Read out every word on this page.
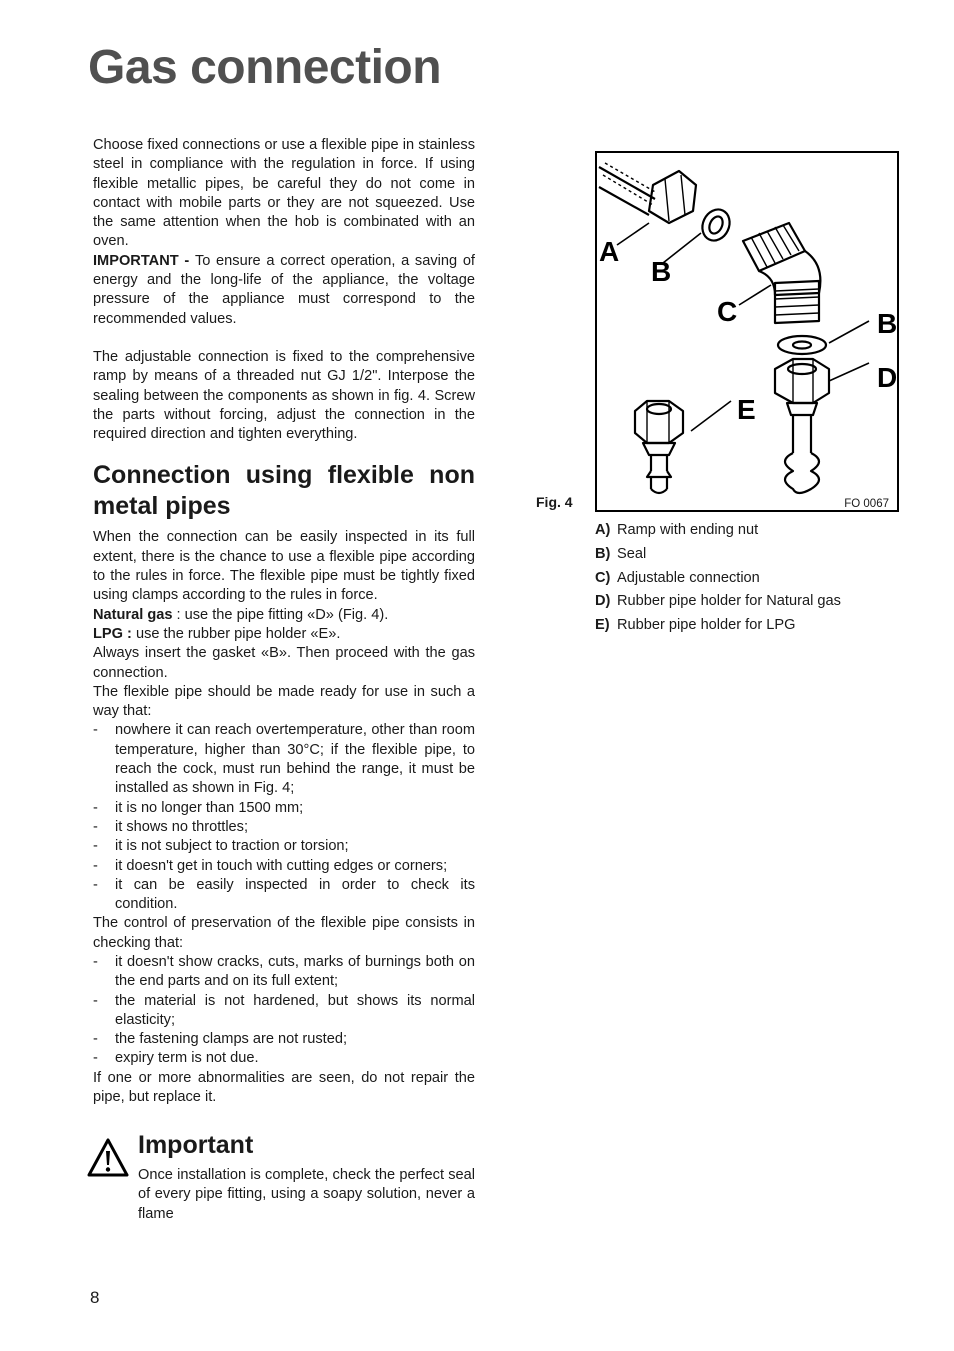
Gas connection

Choose fixed connections or use a flexible pipe in stainless steel in compliance with the regulation in force. If using flexible metallic pipes, be careful they do not come in contact with mobile parts or they are not squeezed. Use the same attention when the hob is combinated with an oven.

IMPORTANT - To ensure a correct operation, a saving of energy and the long-life of the appliance, the voltage pressure of the appliance must correspond to the recommended values.

The adjustable connection is fixed to the comprehensive ramp by means of a threaded nut GJ 1/2". Interpose the sealing between the components as shown in fig. 4. Screw the parts without forcing, adjust the connection in the required direction and tighten everything.

Connection using flexible non metal pipes

When the connection can be easily inspected in its full extent, there is the chance to use a flexible pipe according to the rules in force. The flexible pipe must be tightly fixed using clamps according to the rules in force.

Natural gas : use the pipe fitting «D» (Fig. 4).

LPG : use the rubber pipe holder «E».

Always insert the gasket «B». Then proceed with the gas connection.

The flexible pipe should be made ready for use in such a way that:

- nowhere it can reach overtemperature, other than room temperature, higher than 30°C; if the flexible pipe, to reach the cock, must run behind the range, it must be installed as shown in Fig. 4;
- it is no longer than 1500 mm;
- it shows no throttles;
- it is not subject to traction or torsion;
- it doesn't get in touch with cutting edges or corners;
- it can be easily inspected in order to check its condition.

The control of preservation of the flexible pipe consists in checking that:

- it doesn't show cracks, cuts, marks of burnings both on the end parts and on its full extent;
- the material is not hardened, but shows its normal elasticity;
- the fastening clamps are not rusted;
- expiry term is not due.

If one or more abnormalities are seen, do not repair the pipe, but replace it.

Important

Once installation is complete, check the perfect seal of every pipe fitting, using a soapy solution, never a flame

8
Fig. 4
A
B
C	B
D
E
FO 0067
A) Ramp with ending nut
B) Seal
C) Adjustable connection
D) Rubber pipe holder for Natural gas
E) Rubber pipe holder for LPG
